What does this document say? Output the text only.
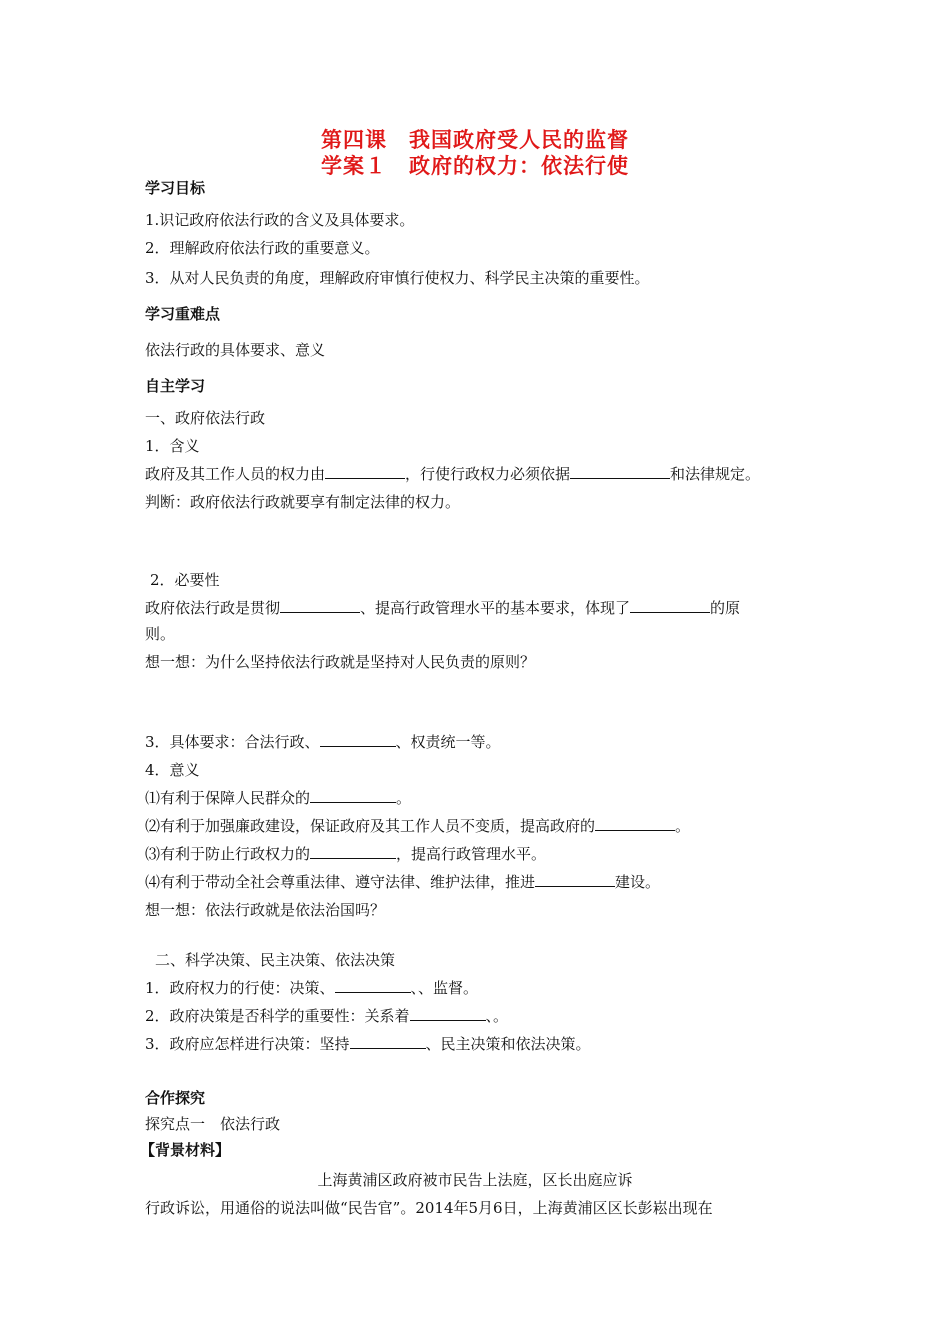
第四课　我国政府受人民的监督
学案１　政府的权力：依法行使
学习目标
1.识记政府依法行政的含义及具体要求。
2．理解政府依法行政的重要意义。
3．从对人民负责的角度，理解政府审慎行使权力、科学民主决策的重要性。
学习重难点
依法行政的具体要求、意义
自主学习
一、政府依法行政
1．含义
政府及其工作人员的权力由	，行使行政权力必须依据	和法律规定。
判断：政府依法行政就要享有制定法律的权力。
2．必要性
政府依法行政是贯彻	、提高行政管理水平的基本要求，体现了	的原
则。
想一想：为什么坚持依法行政就是坚持对人民负责的原则？
3．具体要求：合法行政、	、权责统一等。
4．意义
⑴有利于保障人民群众的	。
⑵有利于加强廉政建设，保证政府及其工作人员不变质，提高政府的	。
⑶有利于防止行政权力的	，提高行政管理水平。
⑷有利于带动全社会尊重法律、遵守法律、维护法律，推进	建设。
想一想：依法行政就是依法治国吗？
二、科学决策、民主决策、依法决策
1．政府权力的行使：决策、	、、监督。
2．政府决策是否科学的重要性：关系着	、。
3．政府应怎样进行决策：坚持	、民主决策和依法决策。
合作探究
探究点一　依法行政
【背景材料】
上海黄浦区政府被市民告上法庭，区长出庭应诉
行政诉讼，用通俗的说法叫做“民告官”。2014年5月6日，上海黄浦区区长彭崧出现在
